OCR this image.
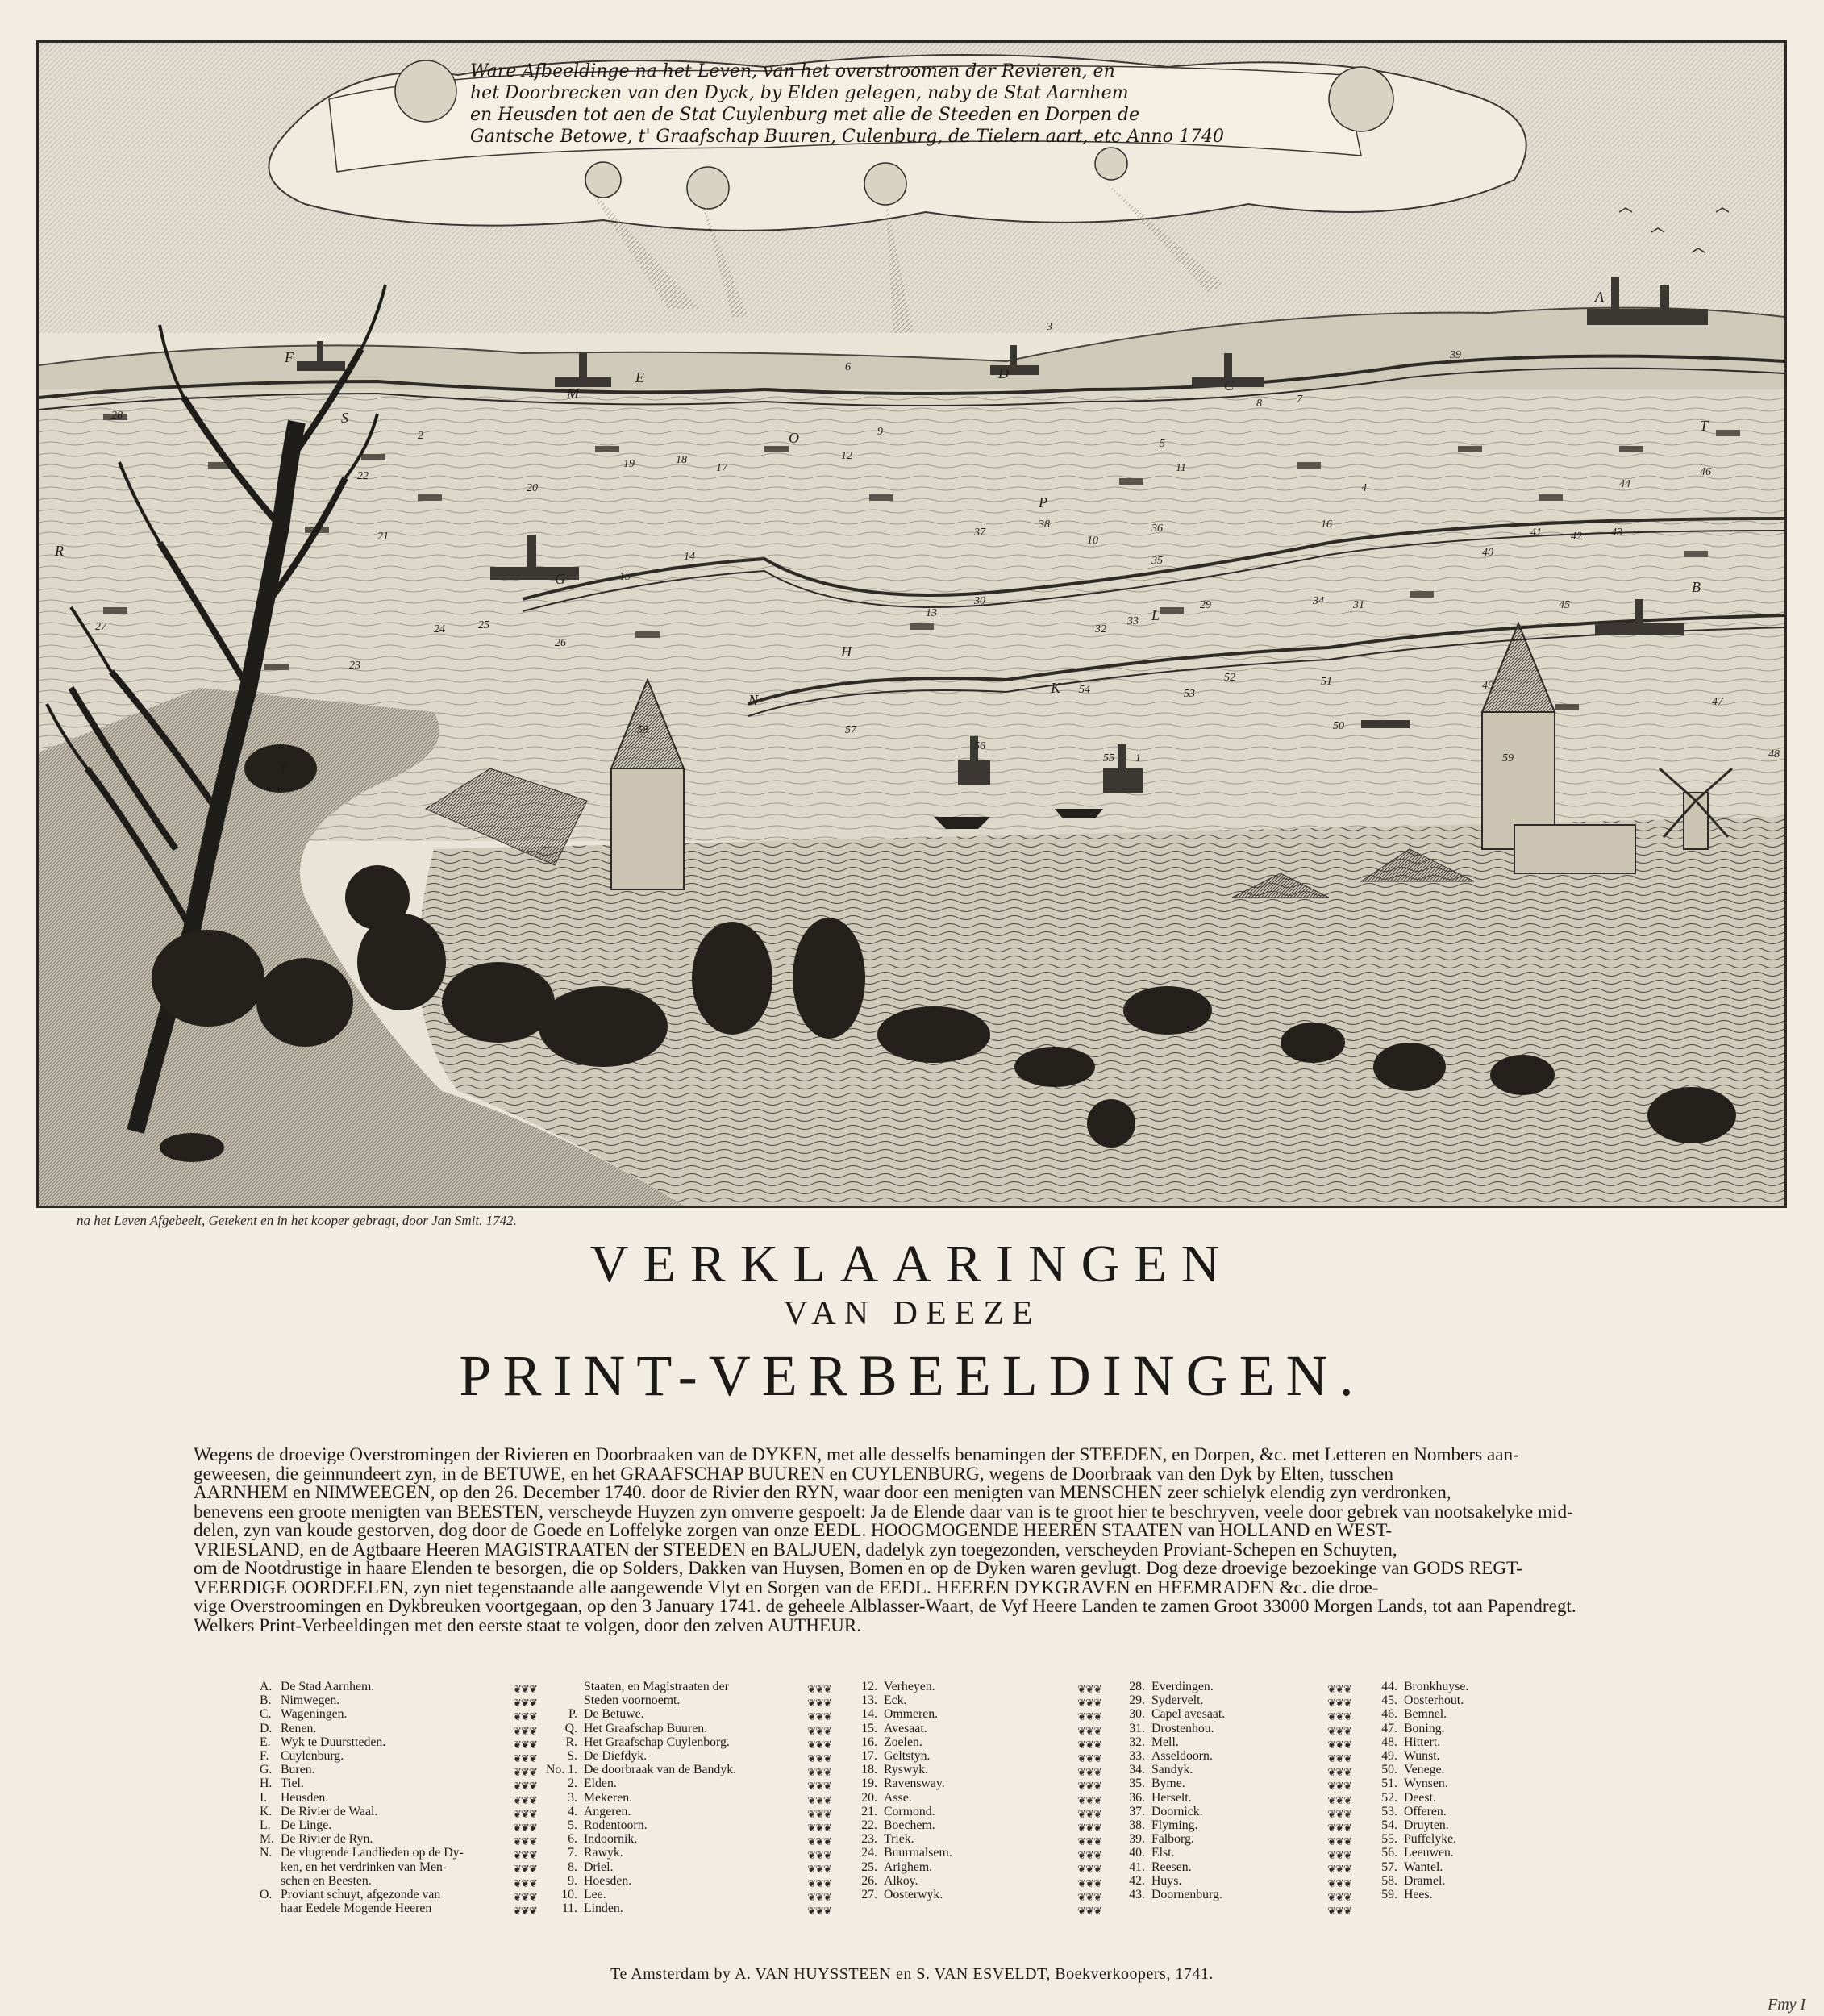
Ware Afbeeldinge na het Leven, van het overstroomen der Revieren, en
het Doorbrecken van den Dyck, by Elden gelegen, naby de Stat Aarnhem
en Heusden tot aen de Stat Cuylenburg met alle de Steeden en Dorpen de
Gantsche Betowe, t' Graafschap Buuren, Culenburg, de Tielern aart, etc Anno 1740
A
B
C
D
E
F
G
H
I
K
L
M
N
O
P
R
S	T
1
2
3
4
5
6
7
8
9
10
11
12
13
14
15
16
17
18
19
20
21
22
23
24	25
26
27
28
29
30	31
32
33
34
35
36
37
38
39
40
41	42	43
44
45
46
47
48
49
50
51
52
53
54
55
56
57
58
59
na het Leven Afgebeelt, Getekent en in het kooper gebragt, door Jan Smit. 1742.
VERKLAARINGEN
VAN DEEZE
PRINT-VERBEELDINGEN.
Wegens de droevige Overstromingen der Rivieren en Doorbraaken van de DYKEN, met alle desselfs benamingen der STEEDEN, en Dorpen, &c. met Letteren en Nombers aan-
geweesen, die geinnundeert zyn, in de BETUWE, en het GRAAFSCHAP BUUREN en CUYLENBURG, wegens de Doorbraak van den Dyk by Elten, tusschen
AARNHEM en NIMWEEGEN, op den 26. December 1740. door de Rivier den RYN, waar door een menigten van MENSCHEN zeer schielyk elendig zyn verdronken,
benevens een groote menigten van BEESTEN, verscheyde Huyzen zyn omverre gespoelt: Ja de Elende daar van is te groot hier te beschryven, veele door gebrek van nootsakelyke mid-
delen, zyn van koude gestorven, dog door de Goede en Loffelyke zorgen van onze EEDL. HOOGMOGENDE HEEREN STAATEN van HOLLAND en WEST-
VRIESLAND, en de Agtbaare Heeren MAGISTRAATEN der STEEDEN en BALJUEN, dadelyk zyn toegezonden, verscheyden Proviant-Schepen en Schuyten,
om de Nootdrustige in haare Elenden te besorgen, die op Solders, Dakken van Huysen, Bomen en op de Dyken waren gevlugt. Dog deze droevige bezoekinge van GODS REGT-
VEERDIGE OORDEELEN, zyn niet tegenstaande alle aangewende Vlyt en Sorgen van de EEDL. HEEREN DYKGRAVEN en HEEMRADEN &c. die droe-
vige Overstroomingen en Dykbreuken voortgegaan, op den 3 January 1741. de geheele Alblasser-Waart, de Vyf Heere Landen te zamen Groot 33000 Morgen Lands, tot aan Papendregt.
Welkers Print-Verbeeldingen met den eerste staat te volgen, door den zelven AUTHEUR.
A. De Stad Aarnhem.
B. Nimwegen.
C. Wageningen.
D. Renen.
E. Wyk te Duurstteden.
F. Cuylenburg.
G. Buren.
H. Tiel.
I.	Heusden.
K. De Rivier de Waal.
L. De Linge.
M. De Rivier de Ryn.
N. De vlugtende Landlieden op de Dy-
ken, en het verdrinken van Men-
schen en Beesten.
O. Proviant schuyt, afgezonde van
haar Eedele Mogende Heeren
❦❦❦
❦❦❦
❦❦❦
❦❦❦
❦❦❦
❦❦❦
❦❦❦
❦❦❦
❦❦❦
❦❦❦
❦❦❦
❦❦❦
❦❦❦
❦❦❦
❦❦❦
❦❦❦
❦❦❦
Staaten, en Magistraaten der
Steden voornoemt.
P. De Betuwe.
Q. Het Graafschap Buuren.
R. Het Graafschap Cuylenborg.
S. De Diefdyk.
No. 1. De doorbraak van de Bandyk.
2. Elden.
3. Mekeren.
4. Angeren.
5. Rodentoorn.
6. Indoornik.
7. Rawyk.
8. Driel.
9. Hoesden.
10. Lee.
11. Linden.
❦❦❦
❦❦❦
❦❦❦
❦❦❦
❦❦❦
❦❦❦
❦❦❦
❦❦❦
❦❦❦
❦❦❦
❦❦❦
❦❦❦
❦❦❦
❦❦❦
❦❦❦
❦❦❦
❦❦❦
12. Verheyen.
13. Eck.
14. Ommeren.
15. Avesaat.
16. Zoelen.
17. Geltstyn.
18. Ryswyk.
19. Ravensway.
20. Asse.
21. Cormond.
22. Boechem.
23. Triek.
24. Buurmalsem.
25. Arighem.
26. Alkoy.
27. Oosterwyk.
❦❦❦
❦❦❦
❦❦❦
❦❦❦
❦❦❦
❦❦❦
❦❦❦
❦❦❦
❦❦❦
❦❦❦
❦❦❦
❦❦❦
❦❦❦
❦❦❦
❦❦❦
❦❦❦
❦❦❦
28. Everdingen.
29. Sydervelt.
30. Capel avesaat.
31. Drostenhou.
32. Mell.
33. Asseldoorn.
34. Sandyk.
35. Byme.
36. Herselt.
37. Doornick.
38. Flyming.
39. Falborg.
40. Elst.
41. Reesen.
42. Huys.
43. Doornenburg.
❦❦❦
❦❦❦
❦❦❦
❦❦❦
❦❦❦
❦❦❦
❦❦❦
❦❦❦
❦❦❦
❦❦❦
❦❦❦
❦❦❦
❦❦❦
❦❦❦
❦❦❦
❦❦❦
❦❦❦
44. Bronkhuyse.
45. Oosterhout.
46. Bemnel.
47. Boning.
48. Hittert.
49. Wunst.
50. Venege.
51. Wynsen.
52. Deest.
53. Offeren.
54. Druyten.
55. Puffelyke.
56. Leeuwen.
57. Wantel.
58. Dramel.
59. Hees.
Te Amsterdam by A. VAN HUYSSTEEN en S. VAN ESVELDT, Boekverkoopers, 1741.
Fmy I
